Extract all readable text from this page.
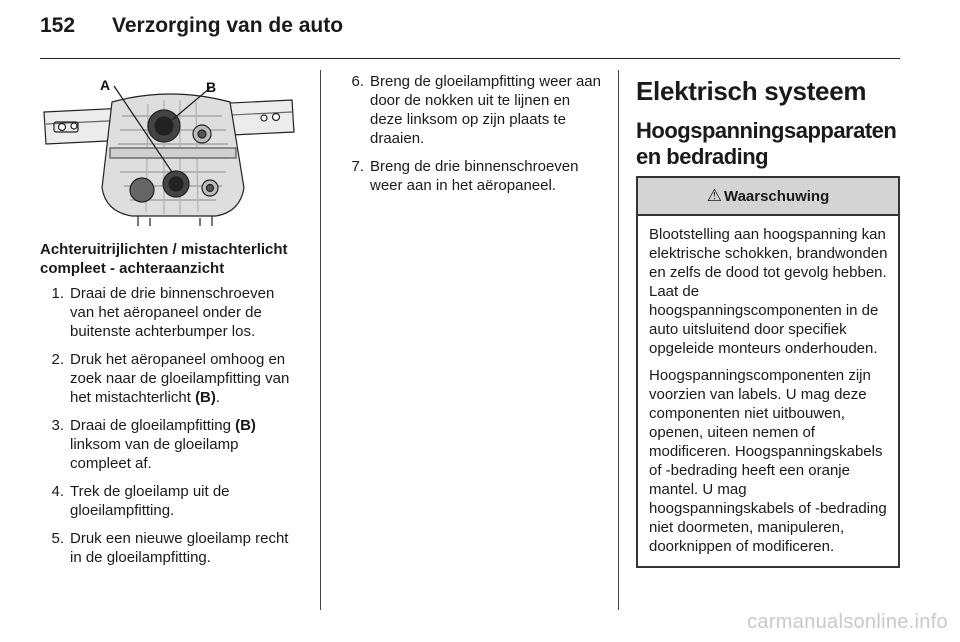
152	Verzorging van de auto
A	B
Achteruitrijlichten / mistachterlicht compleet - achteraanzicht
1. Draai de drie binnenschroeven van het aëropaneel onder de buitenste achterbumper los.
2. Druk het aëropaneel omhoog en zoek naar de gloeilampfitting van het mistachterlicht (B).
3. Draai de gloeilampfitting (B) linksom van de gloeilamp compleet af.
4. Trek de gloeilamp uit de gloeilampfitting.
5. Druk een nieuwe gloeilamp recht in de gloeilampfitting.
6. Breng de gloeilampfitting weer aan door de nokken uit te lijnen en deze linksom op zijn plaats te draaien.
7. Breng de drie binnenschroeven weer aan in het aëropaneel.
Elektrisch systeem
Hoogspanningsapparaten en bedrading
⚠ Waarschuwing

Blootstelling aan hoogspanning kan elektrische schokken, brandwonden en zelfs de dood tot gevolg hebben. Laat de hoogspanningscomponenten in de auto uitsluitend door specifiek opgeleide monteurs onderhouden.

Hoogspanningscomponenten zijn voorzien van labels. U mag deze componenten niet uitbouwen, openen, uiteen nemen of modificeren. Hoogspanningskabels of -bedrading heeft een oranje mantel. U mag hoogspanningskabels of -bedrading niet doormeten, manipuleren, doorknippen of modificeren.

carmanualsonline.info
